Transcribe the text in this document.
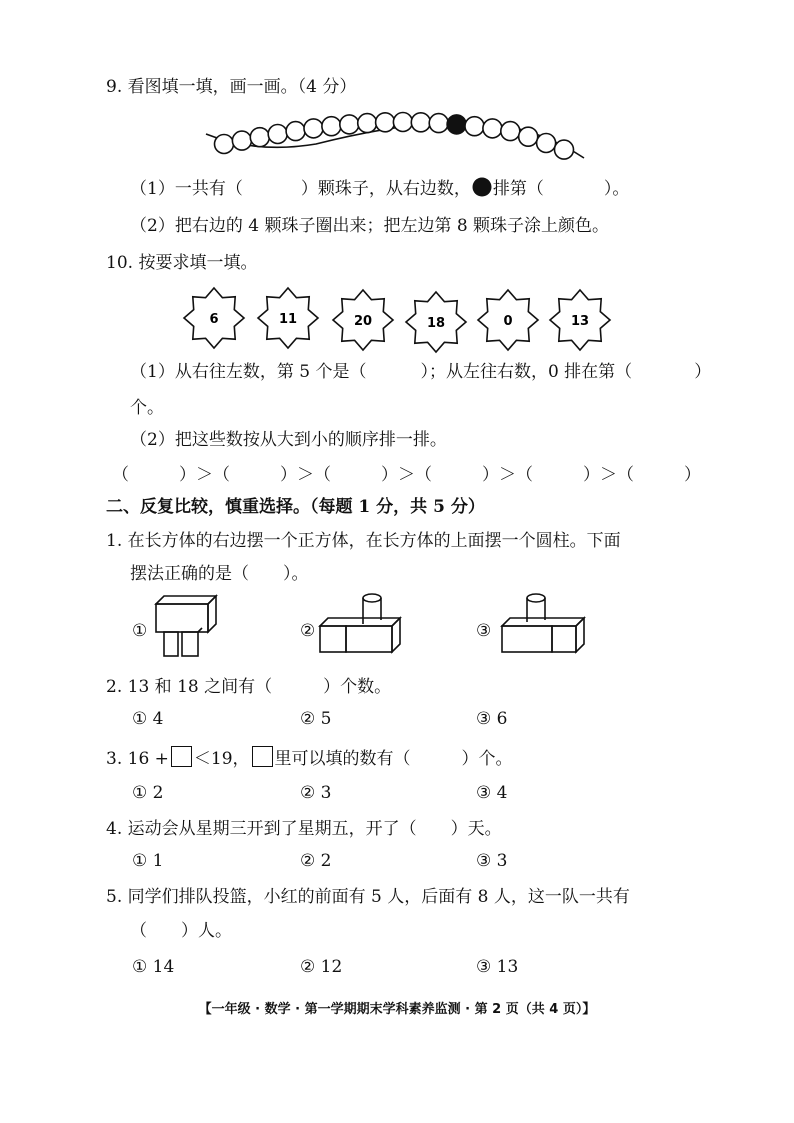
9. 看图填一填，画一画。（4 分）
（1）一共有（	）颗珠子，从右边数， 排第（	）。
（2）把右边的 4 颗珠子圈出来；把左边第 8 颗珠子涂上颜色。
10. 按要求填一填。
6	11	20	18	0	13
（1）从右往左数，第 5 个是（	）；从左往右数，0 排在第（	）
个。
（2）把这些数按从大到小的顺序排一排。
（	）＞（	）＞（	）＞（	）＞（	）＞（	）
二、反复比较，慎重选择。（每题 1 分，共 5 分）
1. 在长方体的右边摆一个正方体，在长方体的上面摆一个圆柱。下面
摆法正确的是（　　）。
①	②	③
2. 13 和 18 之间有（　　　）个数。
① 4	② 5	③ 6
3. 16 + ＜19， 里可以填的数有（　　　）个。
① 2	② 3	③ 4
4. 运动会从星期三开到了星期五，开了（　　）天。
① 1	② 2	③ 3
5. 同学们排队投篮，小红的前面有 5 人，后面有 8 人，这一队一共有
（　　）人。
① 14	② 12	③ 13
【一年级 · 数学 · 第一学期期末学科素养监测 · 第 2 页（共 4 页）】
